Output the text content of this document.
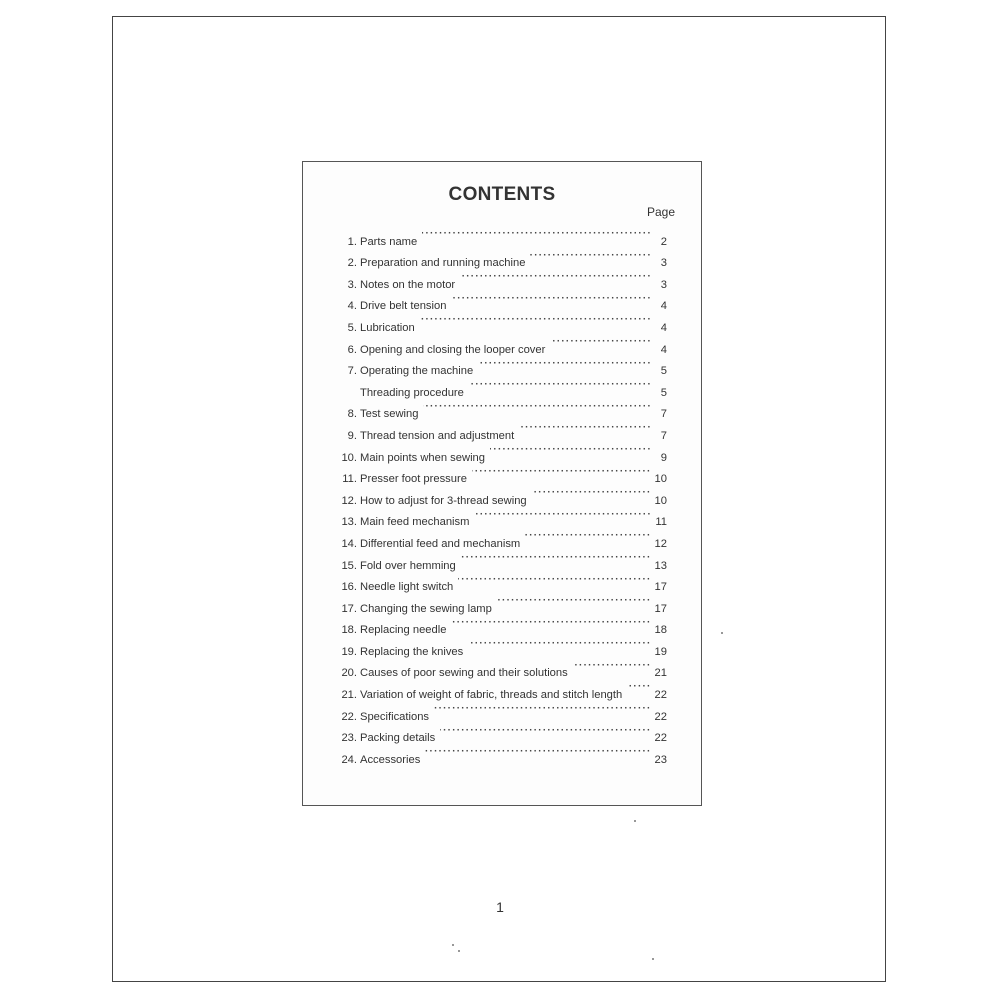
CONTENTS
Page
1. Parts name ·····	2
2. Preparation and running machine ·····	3
3. Notes on the motor ·····	3
4. Drive belt tension ·····	4
5. Lubrication ·····	4
6. Opening and closing the looper cover ·····	4
7. Operating the machine ·····	5
Threading procedure ·····	5
8. Test sewing ·····	7
9. Thread tension and adjustment ·····	7
10. Main points when sewing ·····	9
11. Presser foot pressure ·····	10
12. How to adjust for 3-thread sewing ·····	10
13. Main feed mechanism ·····	11
14. Differential feed and mechanism ·····	12
15. Fold over hemming ·····	13
16. Needle light switch ·····	17
17. Changing the sewing lamp ·····	17
18. Replacing needle ·····	18
19. Replacing the knives ·····	19
20. Causes of poor sewing and their solutions ·····	21
21. Variation of weight of fabric, threads and stitch length ·····	22
22. Specifications ·····	22
23. Packing details ·····	22
24. Accessories ·····	23
1
